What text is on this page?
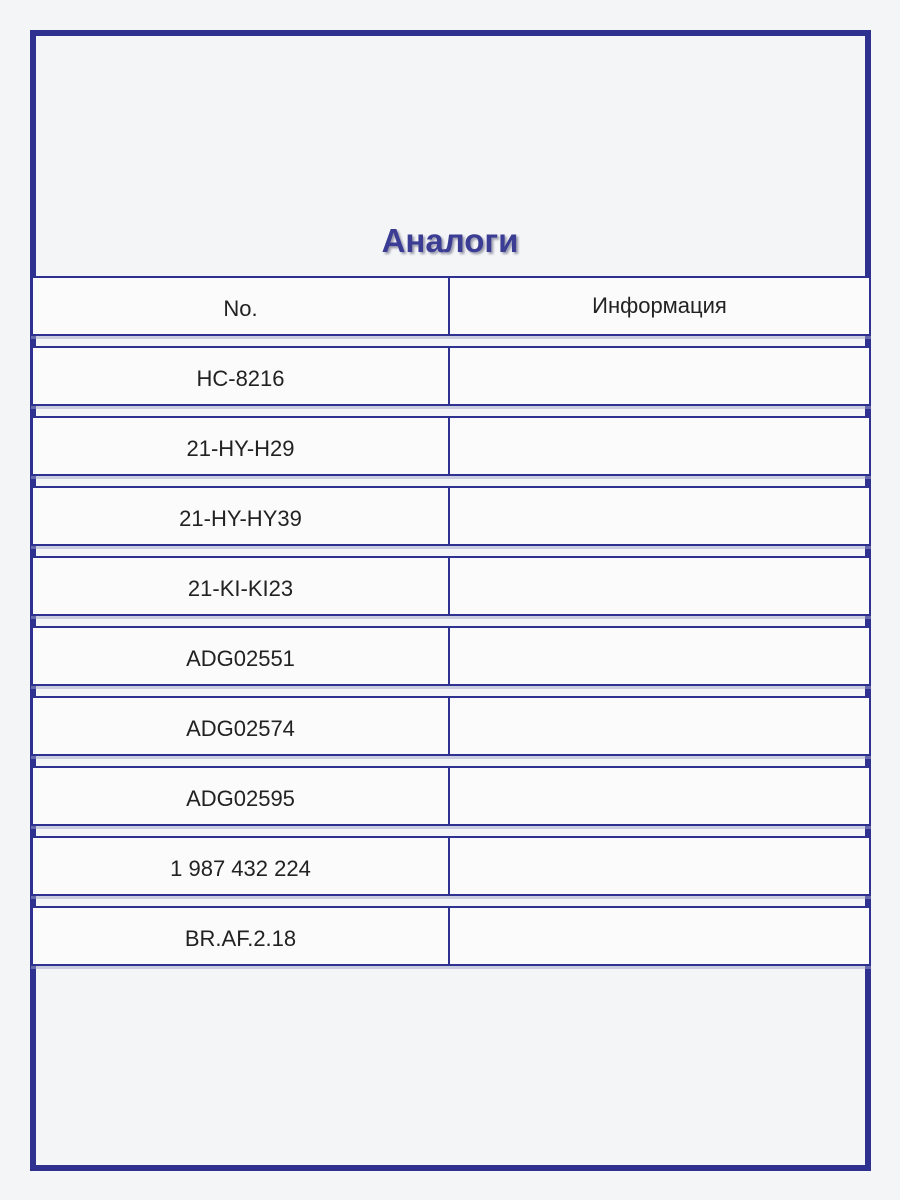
Аналоги
No.	Информация
HC-8216
21-HY-H29
21-HY-HY39
21-KI-KI23
ADG02551
ADG02574
ADG02595
1 987 432 224
BR.AF.2.18
